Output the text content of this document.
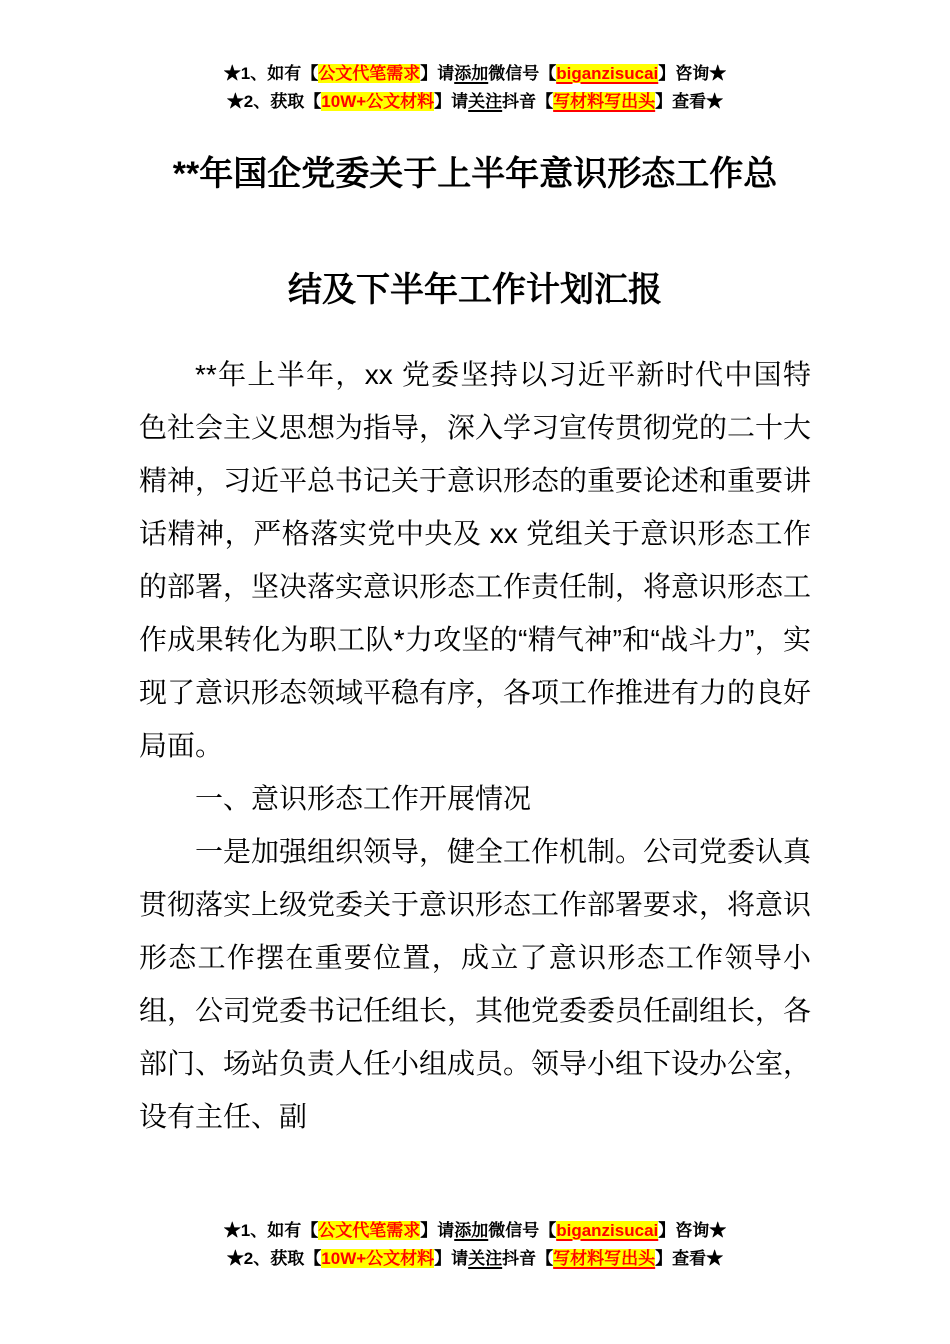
★1、如有【公文代笔需求】请添加微信号【biganzisucai】咨询★
★2、获取【10W+公文材料】请关注抖音【写材料写出头】查看★
**年国企党委关于上半年意识形态工作总
结及下半年工作计划汇报

**年上半年，xx 党委坚持以习近平新时代中国特色社会主义思想为指导，深入学习宣传贯彻党的二十大精神，习近平总书记关于意识形态的重要论述和重要讲话精神，严格落实党中央及 xx 党组关于意识形态工作的部署，坚决落实意识形态工作责任制，将意识形态工作成果转化为职工队*力攻坚的“精气神”和“战斗力”，实现了意识形态领域平稳有序，各项工作推进有力的良好局面。

一、意识形态工作开展情况

一是加强组织领导，健全工作机制。公司党委认真贯彻落实上级党委关于意识形态工作部署要求，将意识形态工作摆在重要位置，成立了意识形态工作领导小组，公司党委书记任组长，其他党委委员任副组长，各部门、场站负责人任小组成员。领导小组下设办公室，设有主任、副

★1、如有【公文代笔需求】请添加微信号【biganzisucai】咨询★
★2、获取【10W+公文材料】请关注抖音【写材料写出头】查看★
